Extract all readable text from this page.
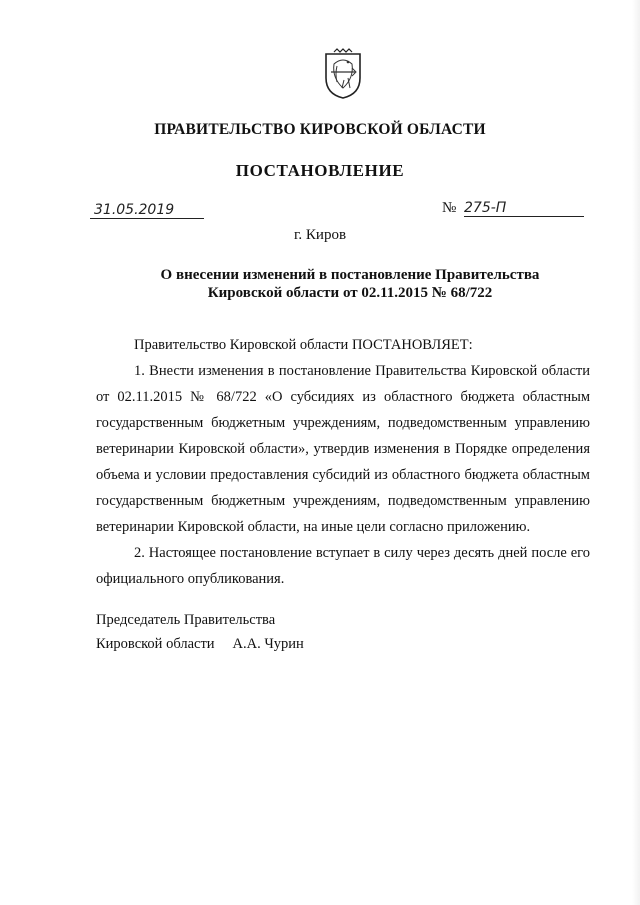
ПРАВИТЕЛЬСТВО КИРОВСКОЙ ОБЛАСТИ
ПОСТАНОВЛЕНИЕ
31.05.2019	№ 275-П
г. Киров
О внесении изменений в постановление Правительства
Кировской области от 02.11.2015 № 68/722

Правительство Кировской области ПОСТАНОВЛЯЕТ:

1. Внести изменения в постановление Правительства Кировской области от 02.11.2015 № 68/722 «О субсидиях из областного бюджета областным государственным бюджетным учреждениям, подведомственным управлению ветеринарии Кировской области», утвердив изменения в Порядке определения объема и условии предоставления субсидий из областного бюджета областным государственным бюджетным учреждениям, подведомственным управлению ветеринарии Кировской области, на иные цели согласно приложению.

2. Настоящее постановление вступает в силу через десять дней после его официального опубликования.

Председатель Правительства
Кировской области А.А. Чурин
